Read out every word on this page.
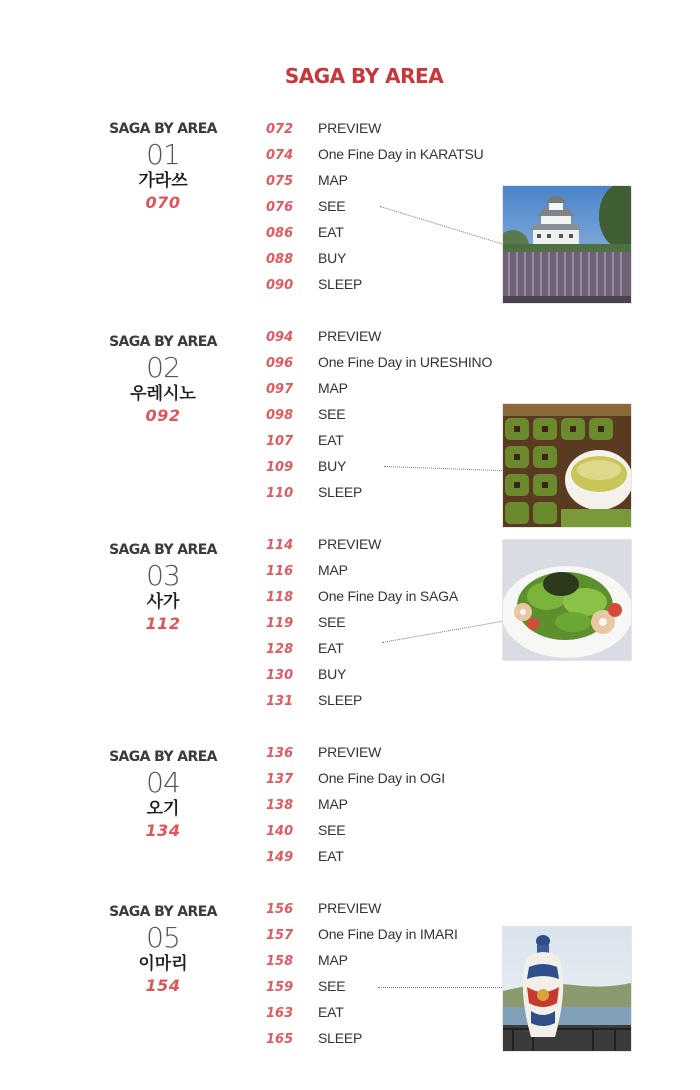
SAGA BY AREA
SAGA BY AREA
01
가라쓰
070
072 PREVIEW
074 One Fine Day in KARATSU
075 MAP
076 SEE
086 EAT
088 BUY
090 SLEEP
SAGA BY AREA
02
우레시노
092
094 PREVIEW
096 One Fine Day in URESHINO
097 MAP
098 SEE
107 EAT
109 BUY
110 SLEEP
SAGA BY AREA
03
사가
112
114 PREVIEW
116 MAP
118 One Fine Day in SAGA
119 SEE
128 EAT
130 BUY
131 SLEEP
SAGA BY AREA
04
오기
134
136 PREVIEW
137 One Fine Day in OGI
138 MAP
140 SEE
149 EAT
SAGA BY AREA
05
이마리
154
156 PREVIEW
157 One Fine Day in IMARI
158 MAP
159 SEE
163 EAT
165 SLEEP
